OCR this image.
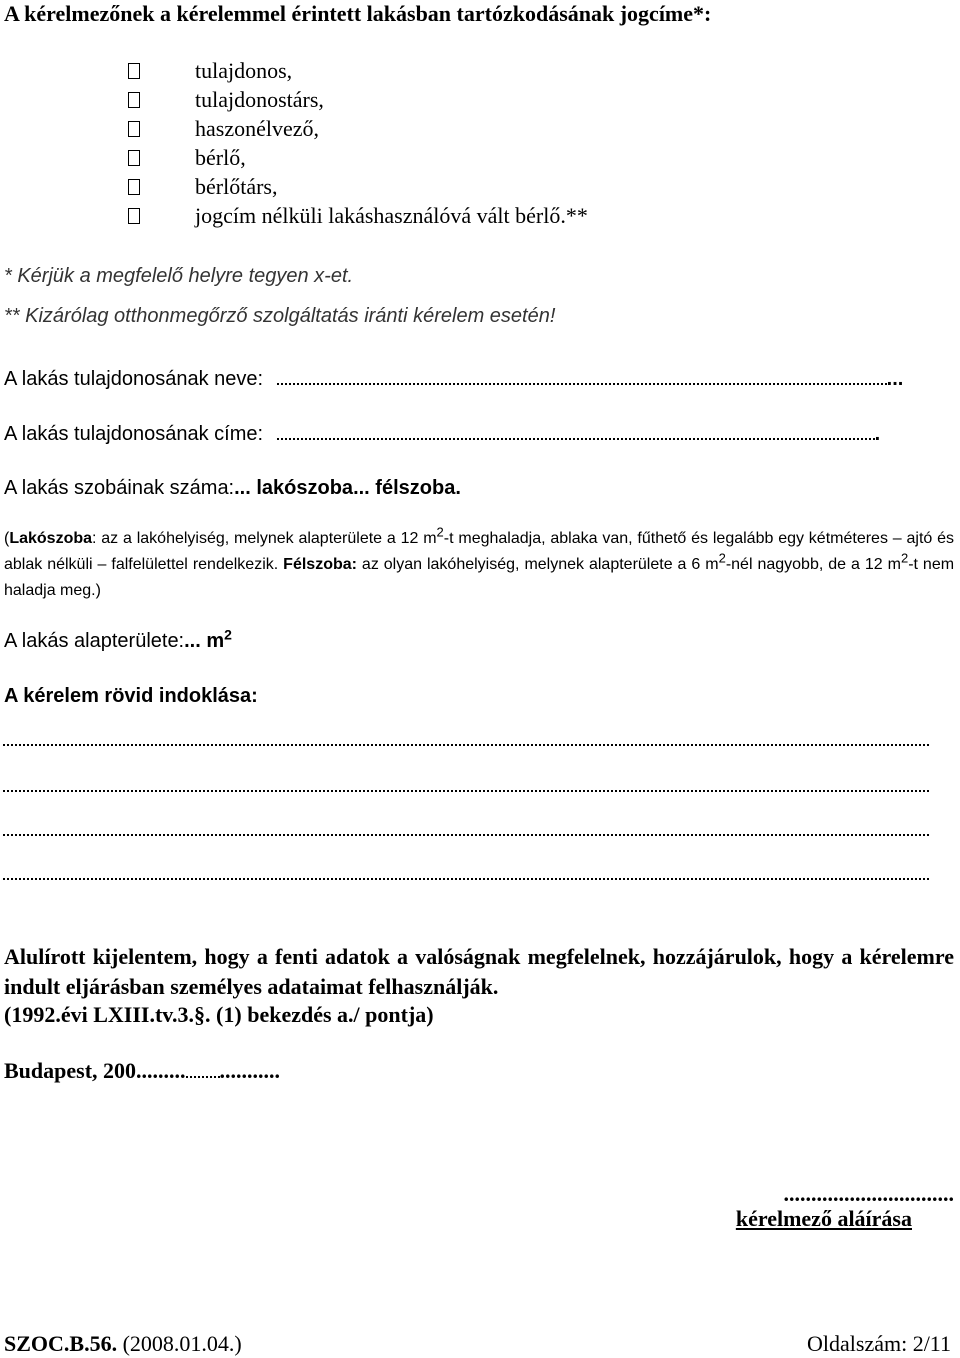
A kérelmezőnek a kérelemmel érintett lakásban tartózkodásának jogcíme*:
tulajdonos,
tulajdonostárs,
haszonélvező,
bérlő,
bérlőtárs,
jogcím nélküli lakáshasználóvá vált bérlő.**
* Kérjük a megfelelő helyre tegyen x-et.
** Kizárólag otthonmegőrző szolgáltatás iránti kérelem esetén!
A lakás tulajdonosának neve:	...
A lakás tulajdonosának címe:	.
A lakás szobáinak száma:... lakószoba... félszoba.
(Lakószoba: az a lakóhelyiség, melynek alapterülete a 12 $m^2-t$ meghaladja, ablaka van, fűthető és legalább egy kétméteres – ajtó és ablak nélküli – falfelülettel rendelkezik. Félszoba: az olyan lakóhelyiség, melynek alapterülete a 6 $m^2$-nél nagyobb, de a 12 $m^2-t$ nem haladja meg.)
A lakás alapterülete:... $m^2$
A kérelem rövid indoklása:
Alulírott kijelentem, hogy a fenti adatok a valóságnak megfelelnek, hozzájárulok, hogy a kérelemre indult eljárásban személyes adataimat felhasználják.
(1992.évi LXIII.tv.3.§. (1) bekezdés a./ pontja)
Budapest, 200......... ...........
...............................
kérelmező aláírása
SZOC.B.56. (2008.01.04.)	Oldalszám: 2/11
